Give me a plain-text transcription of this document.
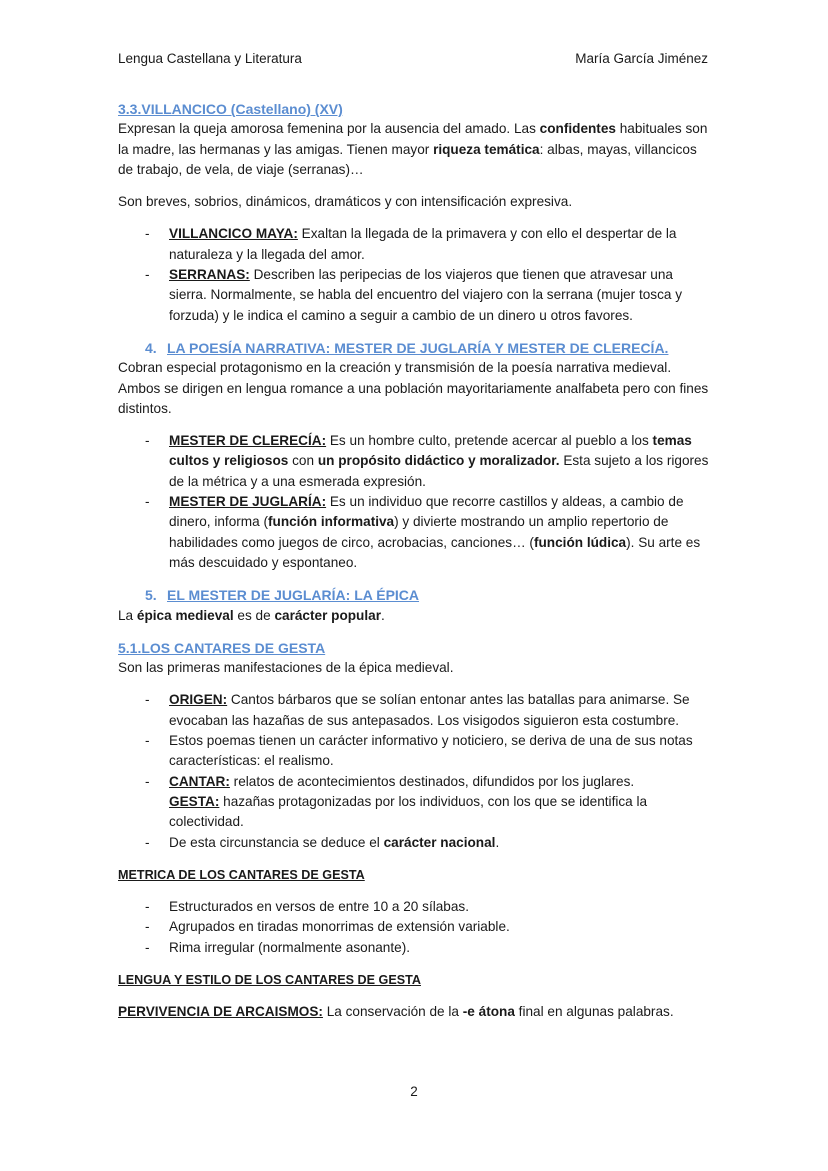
Lengua Castellana y Literatura	María García Jiménez
3.3.VILLANCICO (Castellano) (XV)

Expresan la queja amorosa femenina por la ausencia del amado. Las confidentes habituales son la madre, las hermanas y las amigas. Tienen mayor riqueza temática: albas, mayas, villancicos de trabajo, de vela, de viaje (serranas)…

Son breves, sobrios, dinámicos, dramáticos y con intensificación expresiva.

- VILLANCICO MAYA: Exaltan la llegada de la primavera y con ello el despertar de la naturaleza y la llegada del amor.
- SERRANAS: Describen las peripecias de los viajeros que tienen que atravesar una sierra. Normalmente, se habla del encuentro del viajero con la serrana (mujer tosca y forzuda) y le indica el camino a seguir a cambio de un dinero u otros favores.
4. LA POESÍA NARRATIVA: MESTER DE JUGLARÍA Y MESTER DE CLERECÍA.

Cobran especial protagonismo en la creación y transmisión de la poesía narrativa medieval. Ambos se dirigen en lengua romance a una población mayoritariamente analfabeta pero con fines distintos.

- MESTER DE CLERECÍA: Es un hombre culto, pretende acercar al pueblo a los temas cultos y religiosos con un propósito didáctico y moralizador. Esta sujeto a los rigores de la métrica y a una esmerada expresión.
- MESTER DE JUGLARÍA: Es un individuo que recorre castillos y aldeas, a cambio de dinero, informa (función informativa) y divierte mostrando un amplio repertorio de habilidades como juegos de circo, acrobacias, canciones… (función lúdica). Su arte es más descuidado y espontaneo.
5. EL MESTER DE JUGLARÍA: LA ÉPICA

La épica medieval es de carácter popular.

5.1.LOS CANTARES DE GESTA

Son las primeras manifestaciones de la épica medieval.

- ORIGEN: Cantos bárbaros que se solían entonar antes las batallas para animarse. Se evocaban las hazañas de sus antepasados. Los visigodos siguieron esta costumbre.
- Estos poemas tienen un carácter informativo y noticiero, se deriva de una de sus notas características: el realismo.
- CANTAR: relatos de acontecimientos destinados, difundidos por los juglares.
GESTA: hazañas protagonizadas por los individuos, con los que se identifica la colectividad.
- De esta circunstancia se deduce el carácter nacional.
METRICA DE LOS CANTARES DE GESTA
- Estructurados en versos de entre 10 a 20 sílabas.
- Agrupados en tiradas monorrimas de extensión variable.
- Rima irregular (normalmente asonante).
LENGUA Y ESTILO DE LOS CANTARES DE GESTA

PERVIVENCIA DE ARCAISMOS: La conservación de la -e átona final en algunas palabras.

2
